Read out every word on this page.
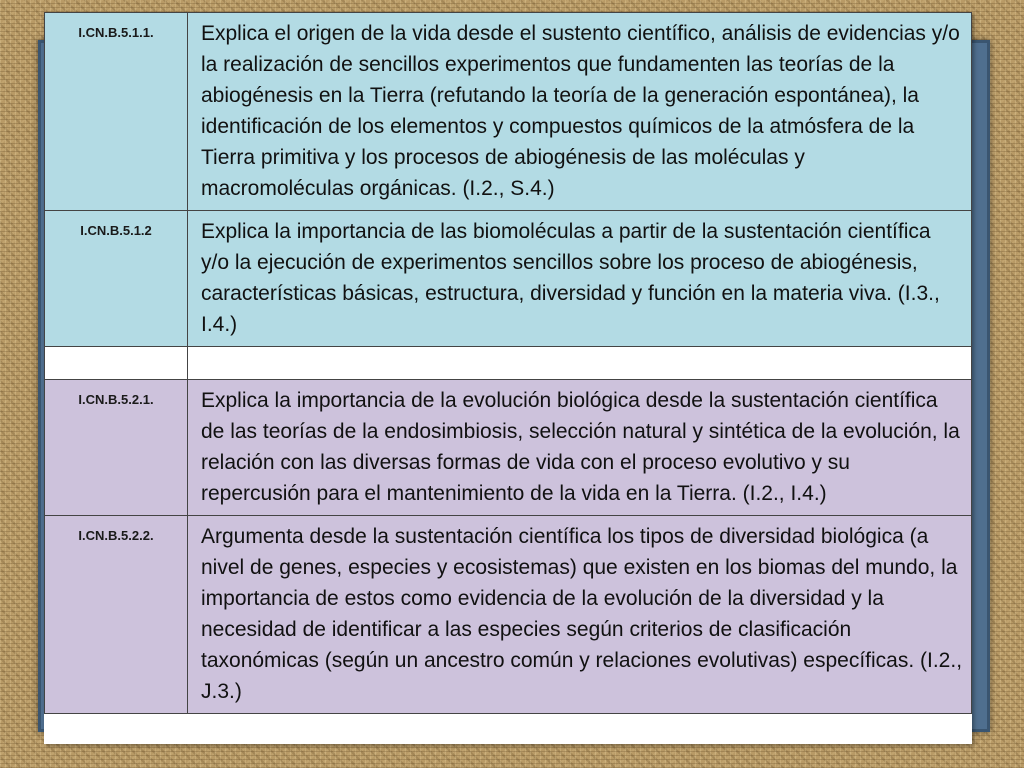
I.CN.B.5.1.1.	Explica el origen de la vida desde el sustento científico, análisis de evidencias y/o la realización de sencillos experimentos que fundamenten las teorías de la abiogénesis en la Tierra (refutando la teoría de la generación espontánea), la identificación de los elementos y compuestos químicos de la atmósfera de la Tierra primitiva y los procesos de abiogénesis de las moléculas y macromoléculas orgánicas. (I.2., S.4.)
I.CN.B.5.1.2	Explica la importancia de las biomoléculas a partir de la sustentación científica y/o la ejecución de experimentos sencillos sobre los proceso de abiogénesis, características básicas, estructura, diversidad y función en la materia viva. (I.3., I.4.)

I.CN.B.5.2.1.	Explica la importancia de la evolución biológica desde la sustentación científica de las teorías de la endosimbiosis, selección natural y sintética de la evolución, la relación con las diversas formas de vida con el proceso evolutivo y su repercusión para el mantenimiento de la vida en la Tierra. (I.2., I.4.)
I.CN.B.5.2.2.	Argumenta desde la sustentación científica los tipos de diversidad biológica (a nivel de genes, especies y ecosistemas) que existen en los biomas del mundo, la importancia de estos como evidencia de la evolución de la diversidad y la necesidad de identificar a las especies según criterios de clasificación taxonómicas (según un ancestro común y relaciones evolutivas) específicas. (I.2., J.3.)
